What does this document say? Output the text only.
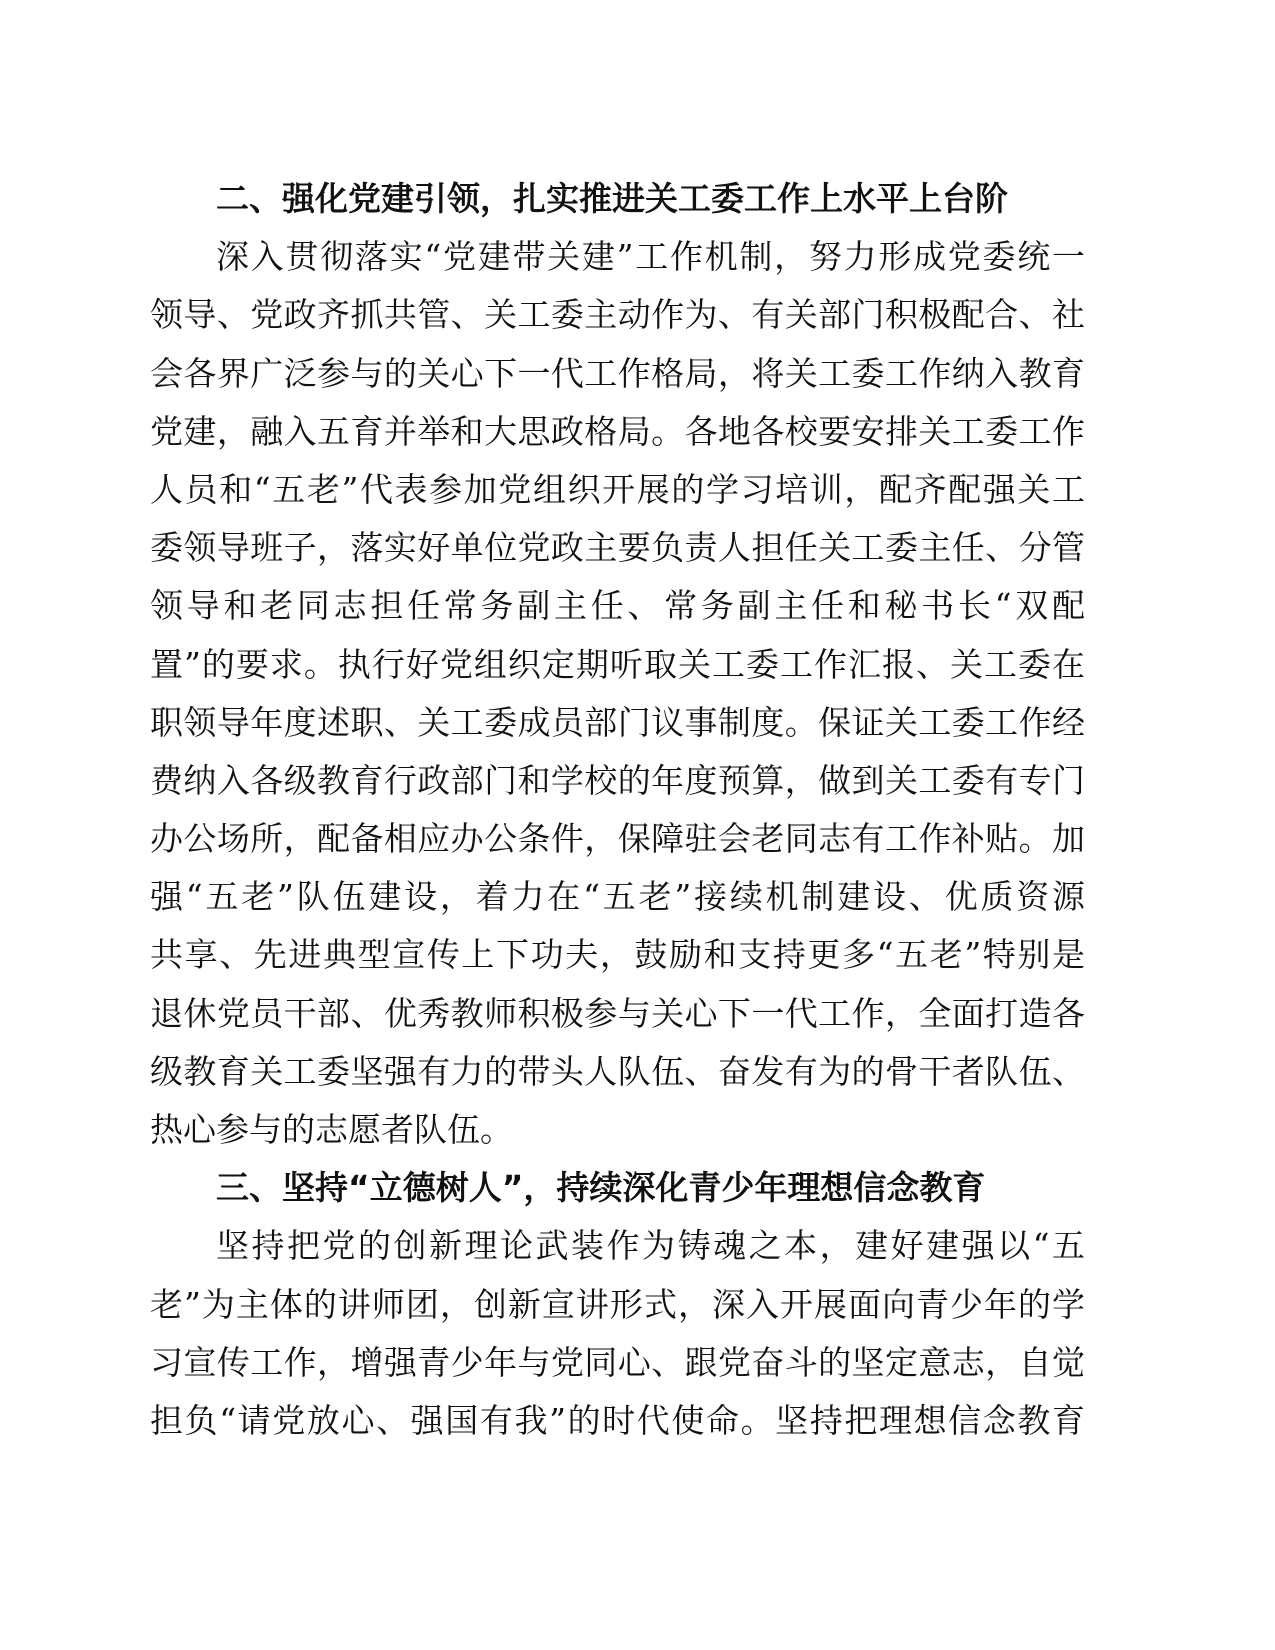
二、强化党建引领，扎实推进关工委工作上水平上台阶
深入贯彻落实“党建带关建”工作机制，努力形成党委统一
领导、党政齐抓共管、关工委主动作为、有关部门积极配合、社
会各界广泛参与的关心下一代工作格局，将关工委工作纳入教育
党建，融入五育并举和大思政格局。各地各校要安排关工委工作
人员和“五老”代表参加党组织开展的学习培训，配齐配强关工
委领导班子，落实好单位党政主要负责人担任关工委主任、分管
领导和老同志担任常务副主任、常务副主任和秘书长“双配
置”的要求。执行好党组织定期听取关工委工作汇报、关工委在
职领导年度述职、关工委成员部门议事制度。保证关工委工作经
费纳入各级教育行政部门和学校的年度预算，做到关工委有专门
办公场所，配备相应办公条件，保障驻会老同志有工作补贴。加
强“五老”队伍建设，着力在“五老”接续机制建设、优质资源
共享、先进典型宣传上下功夫，鼓励和支持更多“五老”特别是
退休党员干部、优秀教师积极参与关心下一代工作，全面打造各
级教育关工委坚强有力的带头人队伍、奋发有为的骨干者队伍、
热心参与的志愿者队伍。
三、坚持“立德树人”，持续深化青少年理想信念教育
坚持把党的创新理论武装作为铸魂之本，建好建强以“五
老”为主体的讲师团，创新宣讲形式，深入开展面向青少年的学
习宣传工作，增强青少年与党同心、跟党奋斗的坚定意志，自觉
担负“请党放心、强国有我”的时代使命。坚持把理想信念教育
